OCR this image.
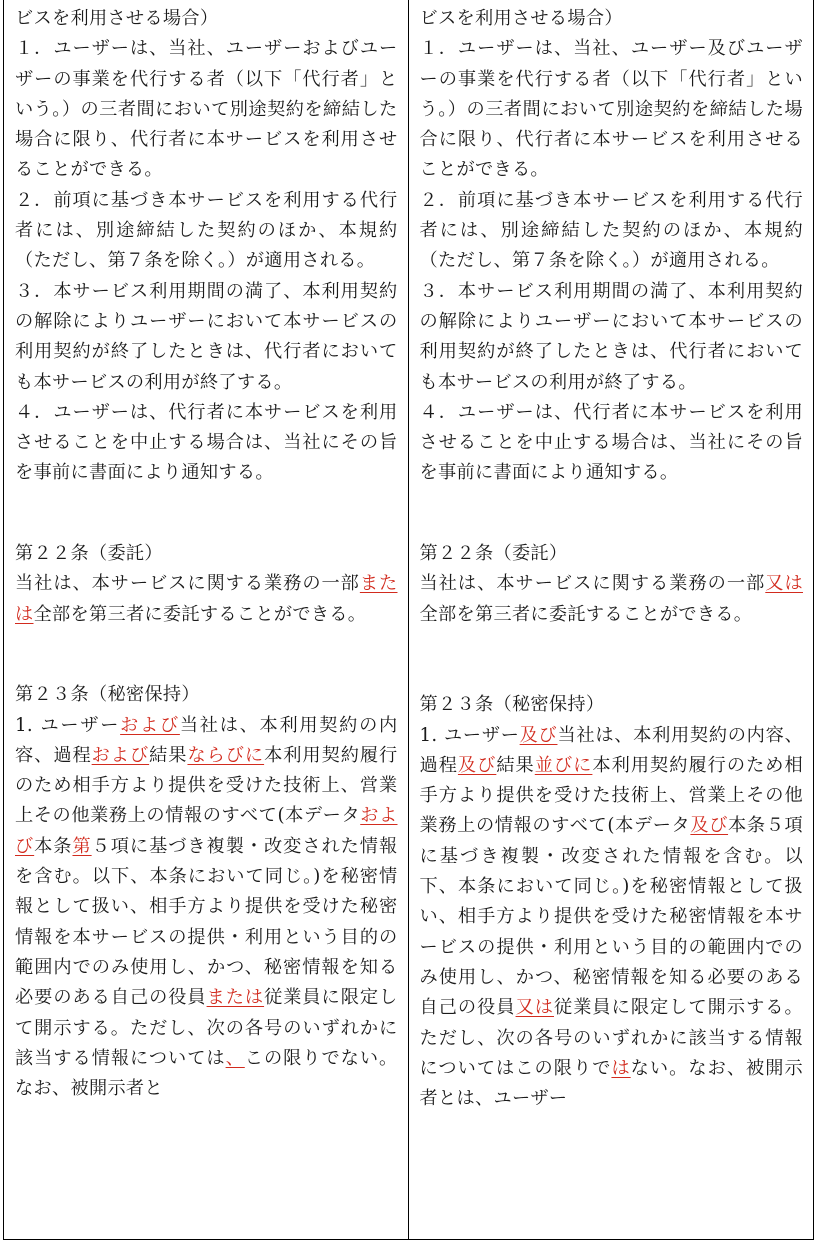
ビスを利用させる場合）

１．ユーザーは、当社、ユーザーおよびユーザーの事業を代行する者（以下「代行者」という。）の三者間において別途契約を締結した場合に限り、代行者に本サービスを利用させることができる。

２．前項に基づき本サービスを利用する代行者には、別途締結した契約のほか、本規約（ただし、第７条を除く。）が適用される。

３．本サービス利用期間の満了、本利用契約の解除によりユーザーにおいて本サービスの利用契約が終了したときは、代行者においても本サービスの利用が終了する。

４．ユーザーは、代行者に本サービスを利用させることを中止する場合は、当社にその旨を事前に書面により通知する。

第２２条（委託）

当社は、本サービスに関する業務の一部または全部を第三者に委託することができる。

第２３条（秘密保持）

1. ユーザーおよび当社は、本利用契約の内容、過程および結果ならびに本利用契約履行のため相手方より提供を受けた技術上、営業上その他業務上の情報のすべて(本データおよび本条第５項に基づき複製・改変された情報を含む。以下、本条において同じ。)を秘密情報として扱い、相手方より提供を受けた秘密情報を本サービスの提供・利用という目的の範囲内でのみ使用し、かつ、秘密情報を知る必要のある自己の役員または従業員に限定して開示する。ただし、次の各号のいずれかに該当する情報については、この限りでない。なお、被開示者と

ビスを利用させる場合）

１．ユーザーは、当社、ユーザー及びユーザーの事業を代行する者（以下「代行者」という。）の三者間において別途契約を締結した場合に限り、代行者に本サービスを利用させることができる。

２．前項に基づき本サービスを利用する代行者には、別途締結した契約のほか、本規約（ただし、第７条を除く。）が適用される。

３．本サービス利用期間の満了、本利用契約の解除によりユーザーにおいて本サービスの利用契約が終了したときは、代行者においても本サービスの利用が終了する。

４．ユーザーは、代行者に本サービスを利用させることを中止する場合は、当社にその旨を事前に書面により通知する。

第２２条（委託）

当社は、本サービスに関する業務の一部又は全部を第三者に委託することができる。

第２３条（秘密保持）

1. ユーザー及び当社は、本利用契約の内容、過程及び結果並びに本利用契約履行のため相手方より提供を受けた技術上、営業上その他業務上の情報のすべて(本データ及び本条５項に基づき複製・改変された情報を含む。以下、本条において同じ。)を秘密情報として扱い、相手方より提供を受けた秘密情報を本サービスの提供・利用という目的の範囲内でのみ使用し、かつ、秘密情報を知る必要のある自己の役員又は従業員に限定して開示する。ただし、次の各号のいずれかに該当する情報についてはこの限りではない。なお、被開示者とは、ユーザー
